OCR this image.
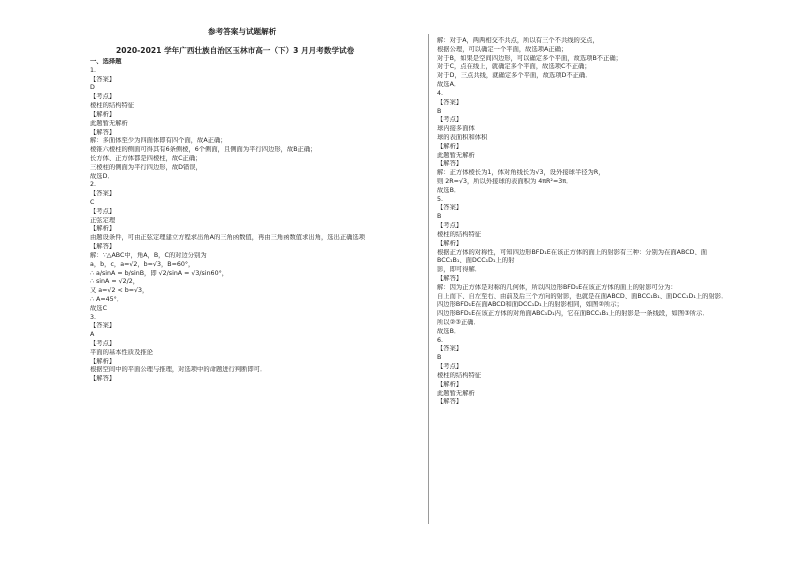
参考答案与试题解析
2020-2021 学年广西壮族自治区玉林市高一（下）3 月月考数学试卷
一、选择题
1.
【答案】
D
【考点】
棱柱的结构特征
【解析】
此题暂无解析
【解答】
解：多面体至少为四面体即有四个面，故A正确；
棱锥六棱柱的侧面可得其有6条侧棱，6个侧面，且侧面为平行四边形，故B正确；
长方体、正方体都是四棱柱，故C正确；
三棱柱的侧面为平行四边形，故D错误，
故选D．
2.
【答案】
C
【考点】
正弦定理
【解析】
由题设条件，可由正弦定理建立方程求出角A的三角函数值，再由三角函数值求出角，选出正确选项
【解答】
解：∵△ABC中，角A，B，C的对边分别为
a，b，c，a=√2，b=√3，B=60°，
∴ a/sinA = b/sinB，即 √2/sinA = √3/sin60°，
∴ sinA = √2/2，
又 a=√2 < b=√3，
∴ A=45°．
故选C
3.
【答案】
A
【考点】
平面的基本性质及推论
【解析】
根据空间中的平面公理与推理，对选项中的命题进行判断即可．
【解答】
解：对于A，两两相交不共点，所以有三个不共线的交点，
根据公理，可以确定一个平面，故选项A正确；
对于B，如果是空间四边形，可以确定多个平面，故选项B不正确；
对于C，点在线上，就确定多个平面，故选项C不正确；
对于D，三点共线，就确定多个平面，故选项D不正确．
故选A．
4.
【答案】
B
【考点】
球内接多面体
球的表面积和体积
【解析】
此题暂无解析
【解答】
解：正方体棱长为1，体对角线长为√3，设外接球半径为R，
则 2R=√3，所以外接球的表面积为 4πR²=3π．
故选B．
5.
【答案】
B
【考点】
棱柱的结构特征
【解析】
根据正方体的对称性，可知四边形BFD₁E在该正方体的面上的射影有三种：分别为在面ABCD、面
BCC₁B₁、面DCC₁D₁上的射
影，即可得解．
【解答】
解：因为正方体是对称的几何体，所以四边形BFD₁E在该正方体的面上的射影可分为：
自上而下、自左至右、由前及后三个方向的射影，也就是在面ABCD、面BCC₁B₁、面DCC₁D₁上的射影．
四边形BFD₁E在面ABCD和面DCC₁D₁上的射影相同，如图②所示；
四边形BFD₁E在该正方体的对角面ABC₁D₁内，它在面BCC₁B₁上的射影是一条线段，如图③所示．
所以②③正确．
故选B．
6.
【答案】
B
【考点】
棱柱的结构特征
【解析】
此题暂无解析
【解答】
